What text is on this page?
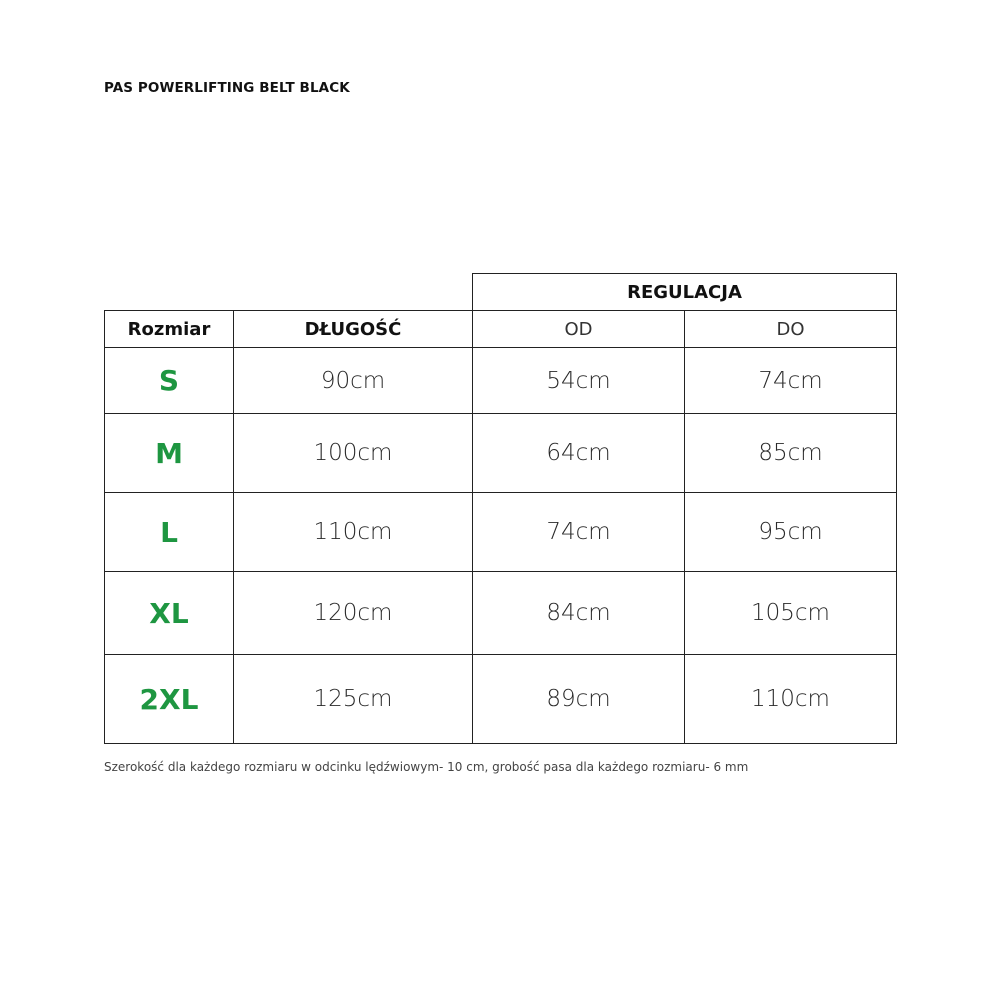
PAS POWERLIFTING BELT BLACK
		REGULACJA	
Rozmiar	DŁUGOŚĆ	OD	DO
S	90cm	54cm	74cm
M	100cm	64cm	85cm
L	110cm	74cm	95cm
XL	120cm	84cm	105cm
2XL	125cm	89cm	110cm
Szerokość dla każdego rozmiaru w odcinku lędźwiowym- 10 cm, grobość pasa dla każdego rozmiaru- 6 mm
